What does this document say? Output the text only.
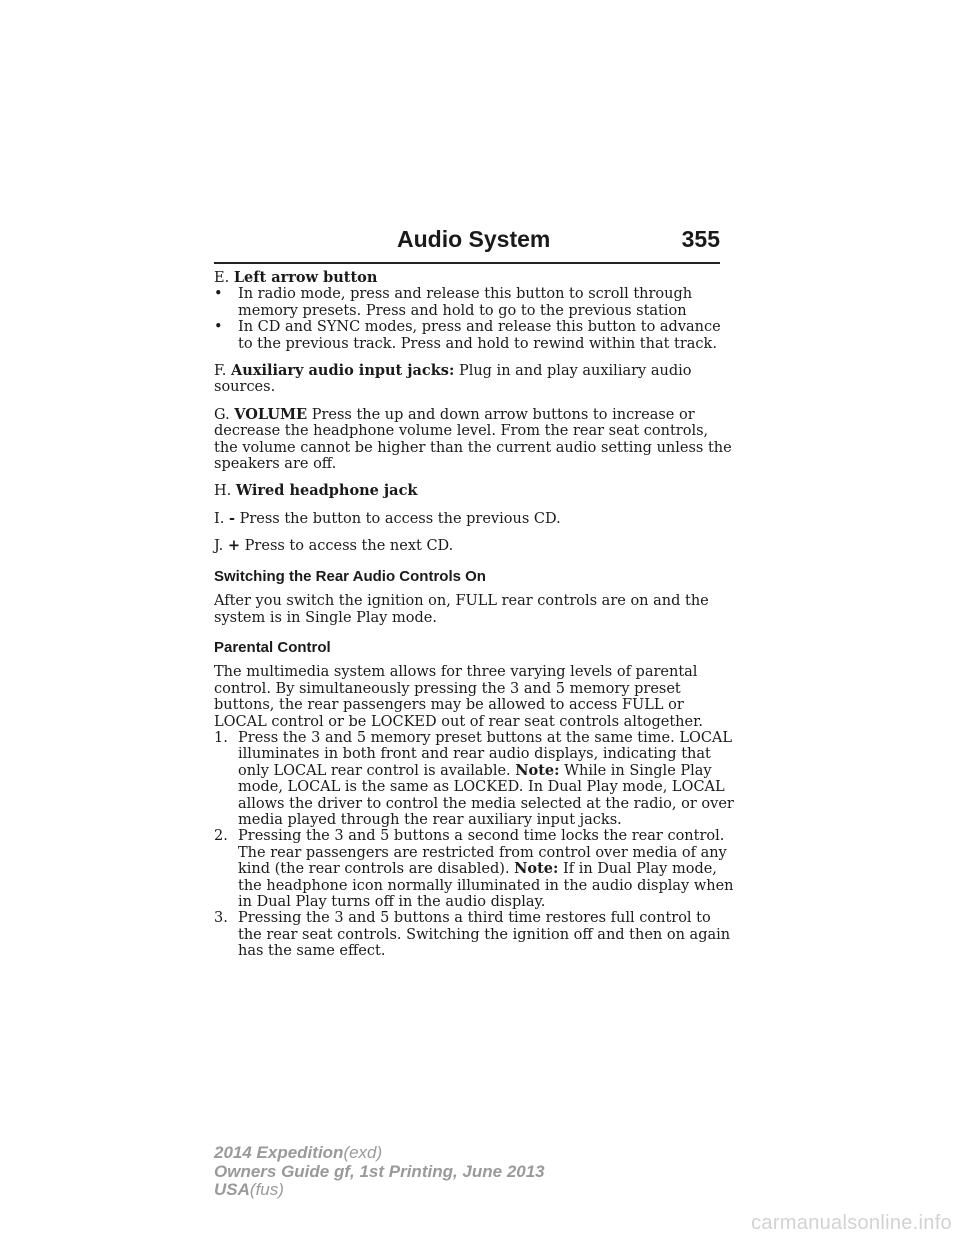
Audio System	355

E. Left arrow button

• In radio mode, press and release this button to scroll through memory presets. Press and hold to go to the previous station
• In CD and SYNC modes, press and release this button to advance to the previous track. Press and hold to rewind within that track.

F. Auxiliary audio input jacks: Plug in and play auxiliary audio sources.

G. VOLUME Press the up and down arrow buttons to increase or decrease the headphone volume level. From the rear seat controls, the volume cannot be higher than the current audio setting unless the speakers are off.

H. Wired headphone jack

I. - Press the button to access the previous CD.

J. + Press to access the next CD.

Switching the Rear Audio Controls On

After you switch the ignition on, FULL rear controls are on and the system is in Single Play mode.

Parental Control

The multimedia system allows for three varying levels of parental control. By simultaneously pressing the 3 and 5 memory preset buttons, the rear passengers may be allowed to access FULL or LOCAL control or be LOCKED out of rear seat controls altogether.

1. Press the 3 and 5 memory preset buttons at the same time. LOCAL illuminates in both front and rear audio displays, indicating that only LOCAL rear control is available. Note: While in Single Play mode, LOCAL is the same as LOCKED. In Dual Play mode, LOCAL allows the driver to control the media selected at the radio, or over media played through the rear auxiliary input jacks.
2. Pressing the 3 and 5 buttons a second time locks the rear control. The rear passengers are restricted from control over media of any kind (the rear controls are disabled). Note: If in Dual Play mode, the headphone icon normally illuminated in the audio display when in Dual Play turns off in the audio display.
3. Pressing the 3 and 5 buttons a third time restores full control to the rear seat controls. Switching the ignition off and then on again has the same effect.
2014 Expedition(exd)
Owners Guide gf, 1st Printing, June 2013
USA(fus)
carmanualsonline.info
